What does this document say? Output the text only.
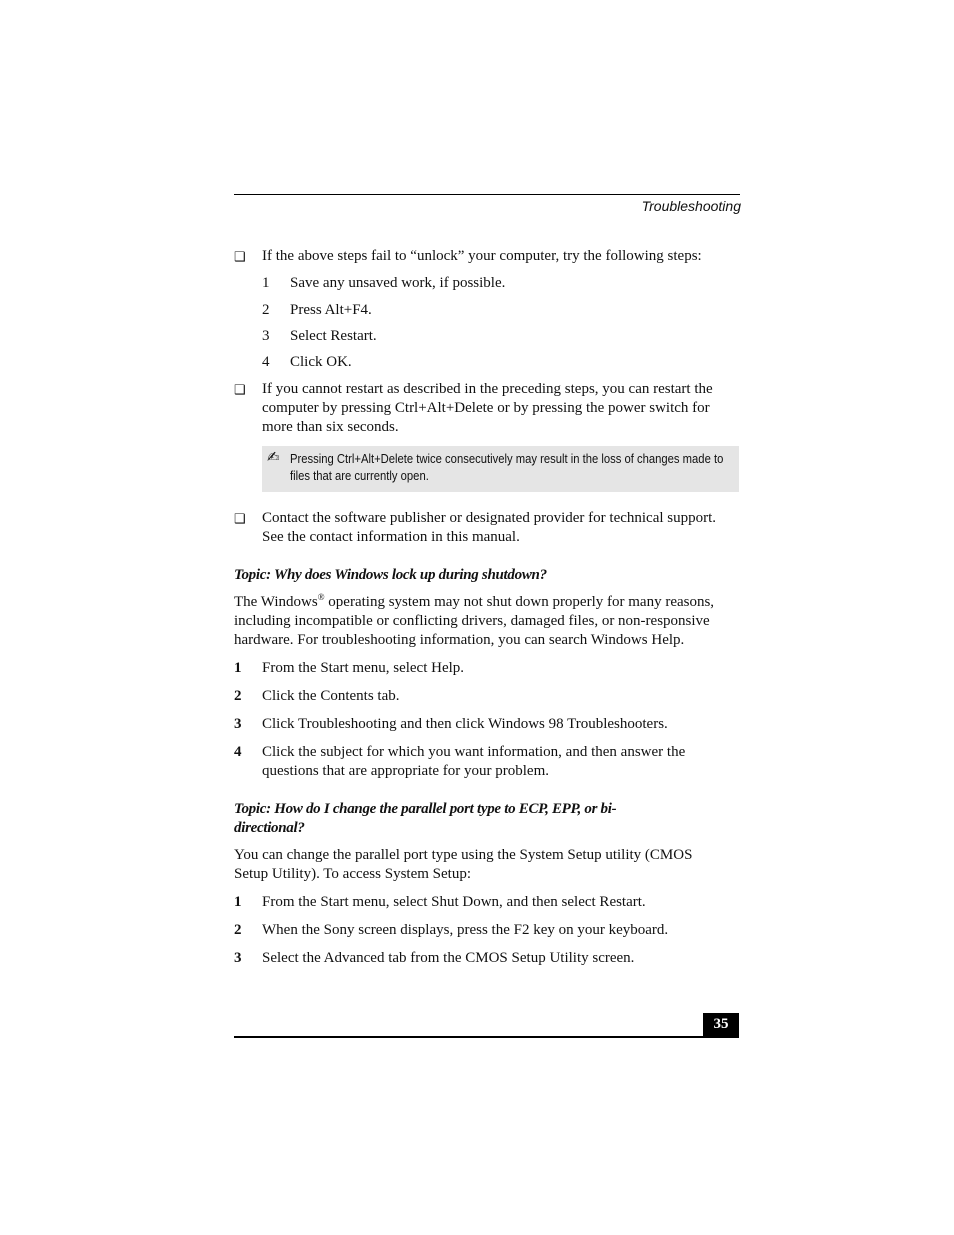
Troubleshooting
❑ If the above steps fail to “unlock” your computer, try the following steps:
1 Save any unsaved work, if possible.
2 Press Alt+F4.
3 Select Restart.
4 Click OK.
❑ If you cannot restart as described in the preceding steps, you can restart the computer by pressing Ctrl+Alt+Delete or by pressing the power switch for more than six seconds.
✍ Pressing Ctrl+Alt+Delete twice consecutively may result in the loss of changes made to files that are currently open.
❑ Contact the software publisher or designated provider for technical support. See the contact information in this manual.
Topic: Why does Windows lock up during shutdown?
The Windows® operating system may not shut down properly for many reasons, including incompatible or conflicting drivers, damaged files, or non-responsive hardware. For troubleshooting information, you can search Windows Help.
1 From the Start menu, select Help.
2 Click the Contents tab.
3 Click Troubleshooting and then click Windows 98 Troubleshooters.
4 Click the subject for which you want information, and then answer the questions that are appropriate for your problem.
Topic: How do I change the parallel port type to ECP, EPP, or bi-directional?
You can change the parallel port type using the System Setup utility (CMOS Setup Utility). To access System Setup:
1 From the Start menu, select Shut Down, and then select Restart.
2 When the Sony screen displays, press the F2 key on your keyboard.
3 Select the Advanced tab from the CMOS Setup Utility screen.
35
